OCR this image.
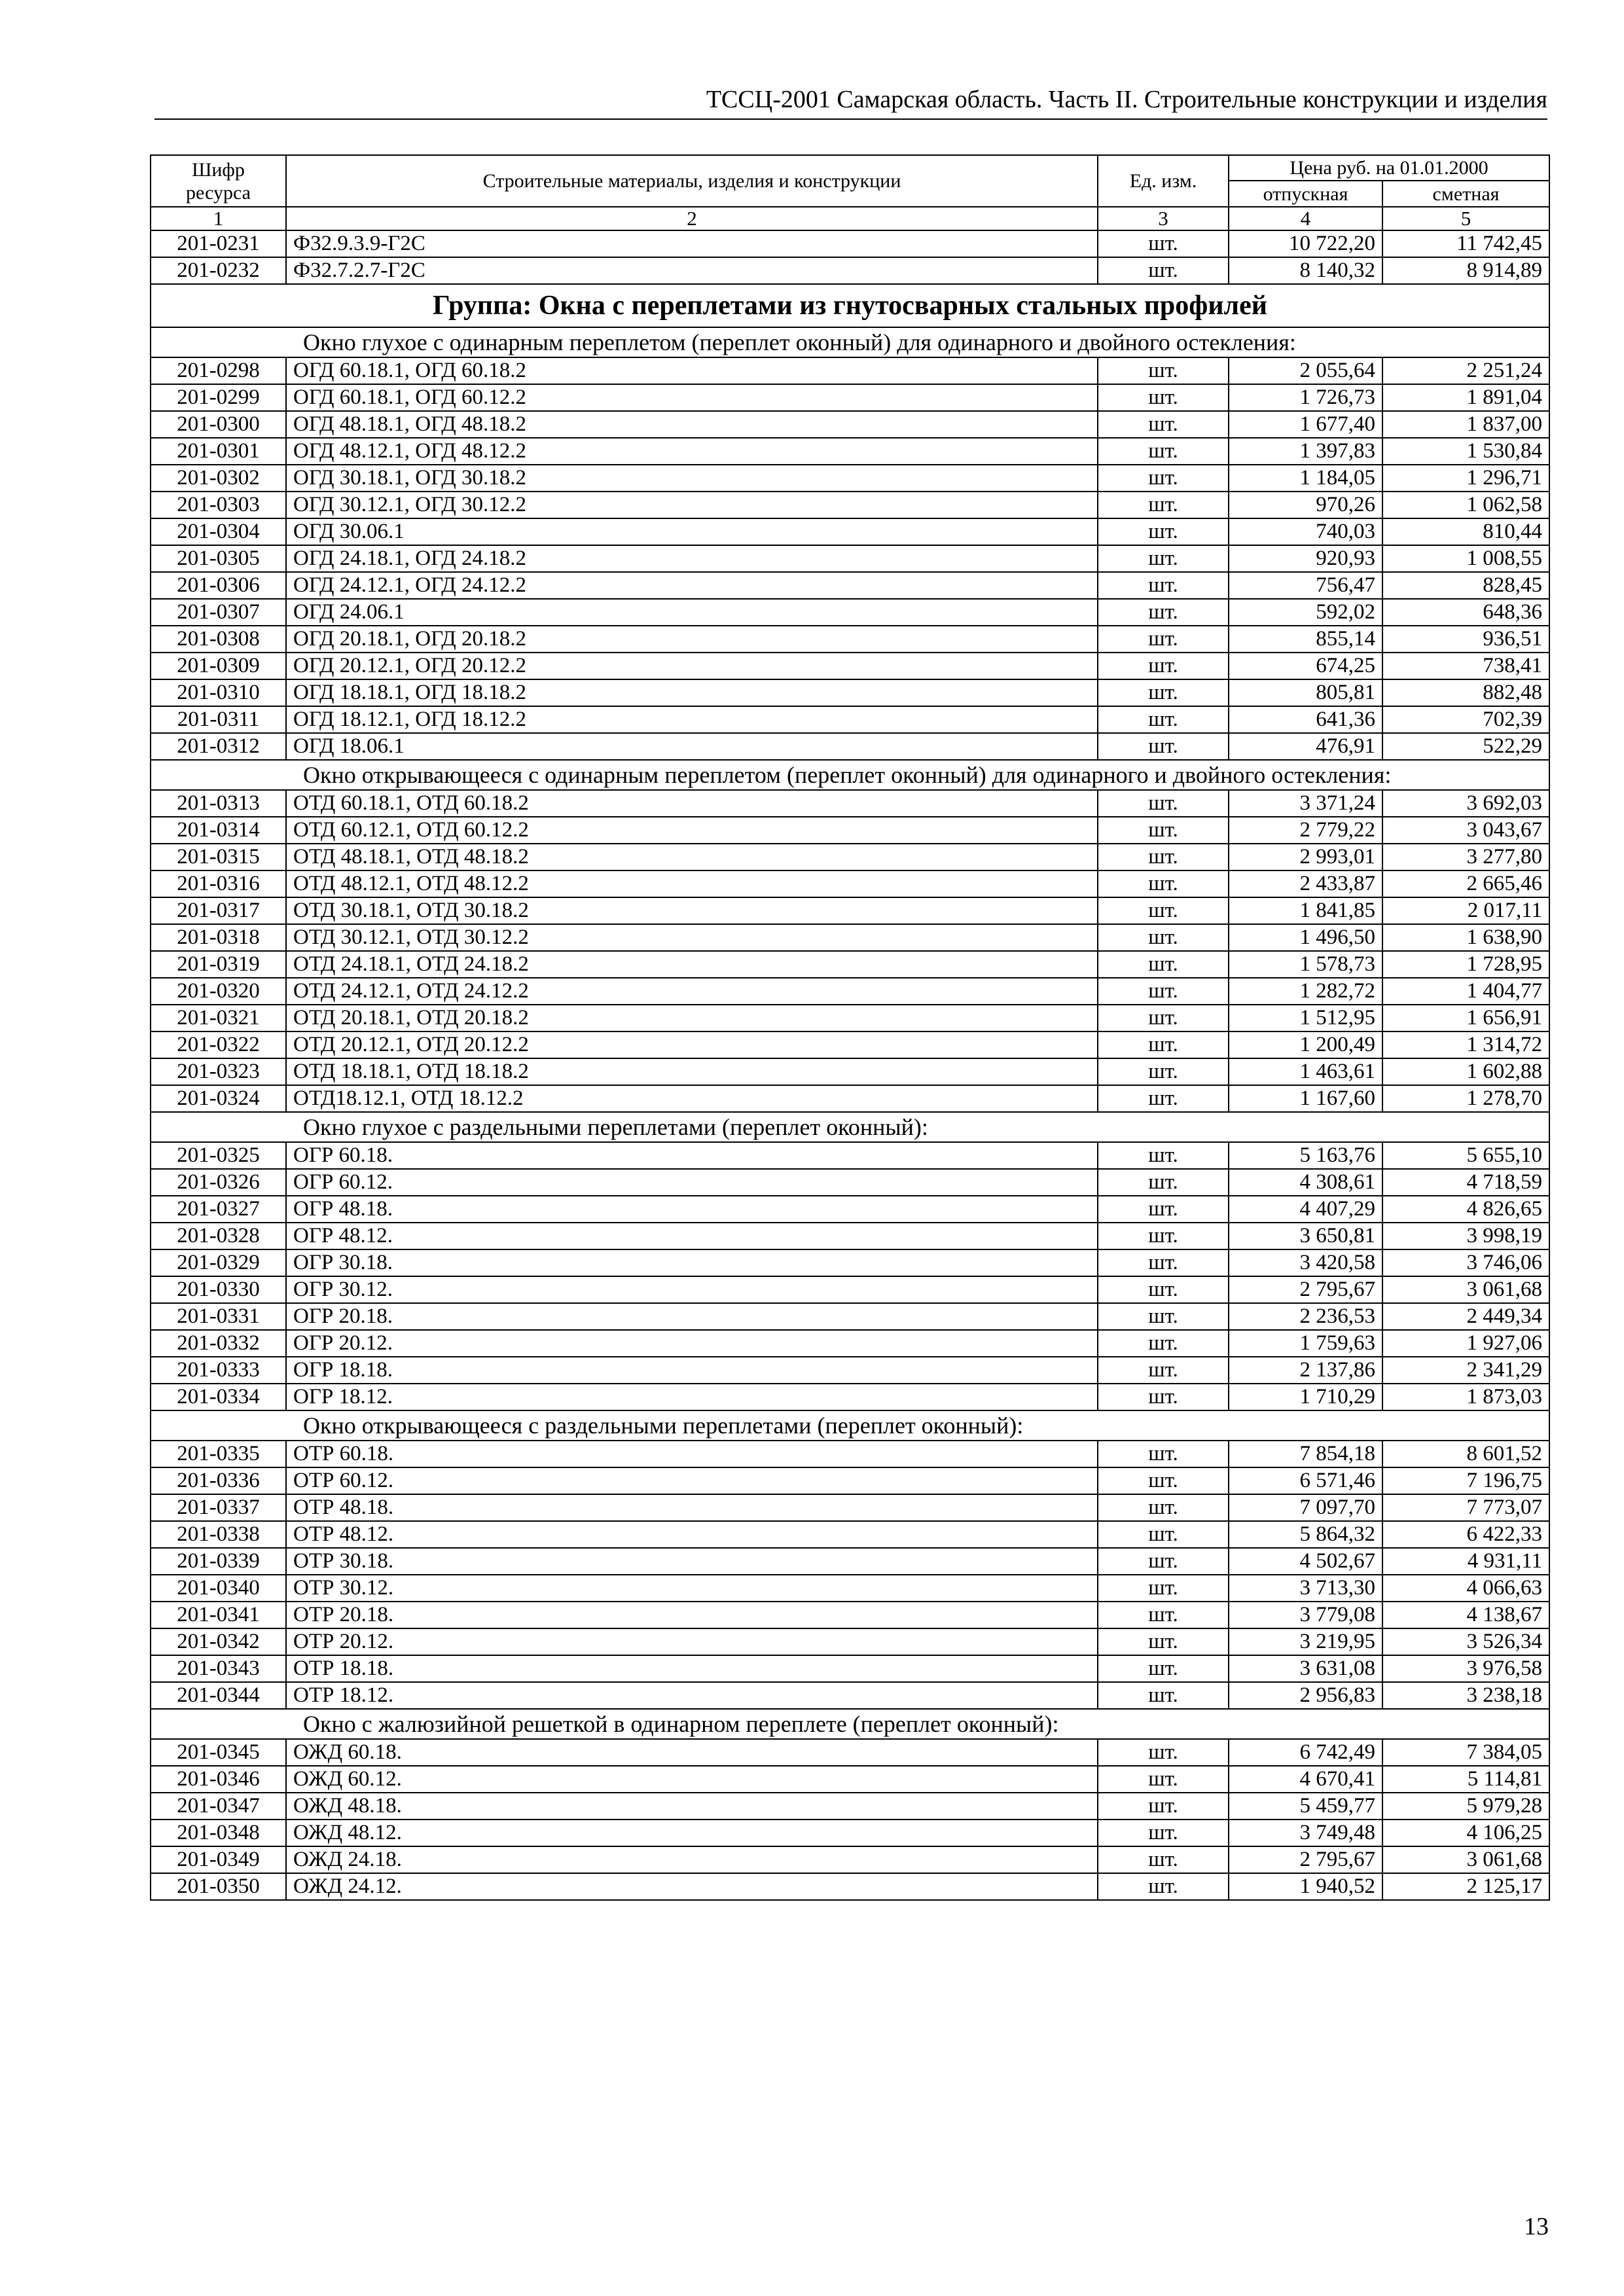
ТССЦ-2001 Самарская область. Часть II. Строительные конструкции и изделия
Шифр ресурса	Строительные материалы, изделия и конструкции	Ед. изм.	Цена руб. на 01.01.2000	
			отпускная	сметная
1	2	3	4	5
201-0231	Ф32.9.3.9-Г2С	шт.	10 722,20	11 742,45
201-0232	Ф32.7.2.7-Г2С	шт.	8 140,32	8 914,89
Группа: Окна с переплетами из гнутосварных стальных профилей				
Окно глухое с одинарным переплетом (переплет оконный) для одинарного и двойного остекления:				
201-0298	ОГД 60.18.1, ОГД 60.18.2	шт.	2 055,64	2 251,24
201-0299	ОГД 60.18.1, ОГД 60.12.2	шт.	1 726,73	1 891,04
201-0300	ОГД 48.18.1, ОГД 48.18.2	шт.	1 677,40	1 837,00
201-0301	ОГД 48.12.1, ОГД 48.12.2	шт.	1 397,83	1 530,84
201-0302	ОГД 30.18.1, ОГД 30.18.2	шт.	1 184,05	1 296,71
201-0303	ОГД 30.12.1, ОГД 30.12.2	шт.	970,26	1 062,58
201-0304	ОГД 30.06.1	шт.	740,03	810,44
201-0305	ОГД 24.18.1, ОГД 24.18.2	шт.	920,93	1 008,55
201-0306	ОГД 24.12.1, ОГД 24.12.2	шт.	756,47	828,45
201-0307	ОГД 24.06.1	шт.	592,02	648,36
201-0308	ОГД 20.18.1, ОГД 20.18.2	шт.	855,14	936,51
201-0309	ОГД 20.12.1, ОГД 20.12.2	шт.	674,25	738,41
201-0310	ОГД 18.18.1, ОГД 18.18.2	шт.	805,81	882,48
201-0311	ОГД 18.12.1, ОГД 18.12.2	шт.	641,36	702,39
201-0312	ОГД 18.06.1	шт.	476,91	522,29
Окно открывающееся с одинарным переплетом (переплет оконный) для одинарного и двойного остекления:				
201-0313	ОТД 60.18.1, ОТД 60.18.2	шт.	3 371,24	3 692,03
201-0314	ОТД 60.12.1, ОТД 60.12.2	шт.	2 779,22	3 043,67
201-0315	ОТД 48.18.1, ОТД 48.18.2	шт.	2 993,01	3 277,80
201-0316	ОТД 48.12.1, ОТД 48.12.2	шт.	2 433,87	2 665,46
201-0317	ОТД 30.18.1, ОТД 30.18.2	шт.	1 841,85	2 017,11
201-0318	ОТД 30.12.1, ОТД 30.12.2	шт.	1 496,50	1 638,90
201-0319	ОТД 24.18.1, ОТД 24.18.2	шт.	1 578,73	1 728,95
201-0320	ОТД 24.12.1, ОТД 24.12.2	шт.	1 282,72	1 404,77
201-0321	ОТД 20.18.1, ОТД 20.18.2	шт.	1 512,95	1 656,91
201-0322	ОТД 20.12.1, ОТД 20.12.2	шт.	1 200,49	1 314,72
201-0323	ОТД 18.18.1, ОТД 18.18.2	шт.	1 463,61	1 602,88
201-0324	ОТД18.12.1, ОТД 18.12.2	шт.	1 167,60	1 278,70
Окно глухое с раздельными переплетами (переплет оконный):				
201-0325	ОГР 60.18.	шт.	5 163,76	5 655,10
201-0326	ОГР 60.12.	шт.	4 308,61	4 718,59
201-0327	ОГР 48.18.	шт.	4 407,29	4 826,65
201-0328	ОГР 48.12.	шт.	3 650,81	3 998,19
201-0329	ОГР 30.18.	шт.	3 420,58	3 746,06
201-0330	ОГР 30.12.	шт.	2 795,67	3 061,68
201-0331	ОГР 20.18.	шт.	2 236,53	2 449,34
201-0332	ОГР 20.12.	шт.	1 759,63	1 927,06
201-0333	ОГР 18.18.	шт.	2 137,86	2 341,29
201-0334	ОГР 18.12.	шт.	1 710,29	1 873,03
Окно открывающееся с раздельными переплетами (переплет оконный):				
201-0335	ОТР 60.18.	шт.	7 854,18	8 601,52
201-0336	ОТР 60.12.	шт.	6 571,46	7 196,75
201-0337	ОТР 48.18.	шт.	7 097,70	7 773,07
201-0338	ОТР 48.12.	шт.	5 864,32	6 422,33
201-0339	ОТР 30.18.	шт.	4 502,67	4 931,11
201-0340	ОТР 30.12.	шт.	3 713,30	4 066,63
201-0341	ОТР 20.18.	шт.	3 779,08	4 138,67
201-0342	ОТР 20.12.	шт.	3 219,95	3 526,34
201-0343	ОТР 18.18.	шт.	3 631,08	3 976,58
201-0344	ОТР 18.12.	шт.	2 956,83	3 238,18
Окно с жалюзийной решеткой в одинарном переплете (переплет оконный):				
201-0345	ОЖД 60.18.	шт.	6 742,49	7 384,05
201-0346	ОЖД 60.12.	шт.	4 670,41	5 114,81
201-0347	ОЖД 48.18.	шт.	5 459,77	5 979,28
201-0348	ОЖД 48.12.	шт.	3 749,48	4 106,25
201-0349	ОЖД 24.18.	шт.	2 795,67	3 061,68
201-0350	ОЖД 24.12.	шт.	1 940,52	2 125,17
13
